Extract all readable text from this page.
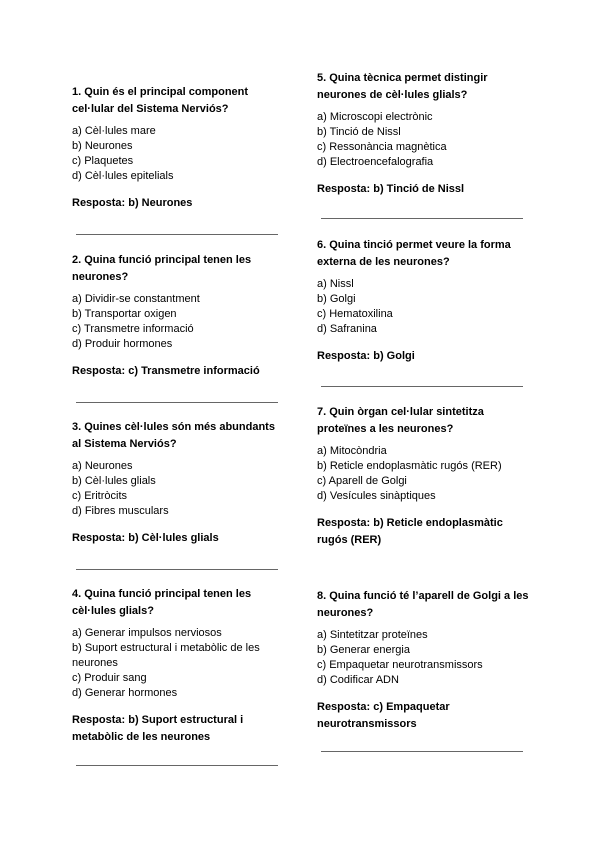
1. Quin és el principal component cel·lular del Sistema Nerviós?
a) Cèl·lules mare
b) Neurones
c) Plaquetes
d) Cèl·lules epitelials
Resposta: b) Neurones
2. Quina funció principal tenen les neurones?
a) Dividir-se constantment
b) Transportar oxigen
c) Transmetre informació
d) Produir hormones
Resposta: c) Transmetre informació
3. Quines cèl·lules són més abundants al Sistema Nerviós?
a) Neurones
b) Cèl·lules glials
c) Eritròcits
d) Fibres musculars
Resposta: b) Cèl·lules glials
4. Quina funció principal tenen les cèl·lules glials?
a) Generar impulsos nerviosos
b) Suport estructural i metabòlic de les neurones
c) Produir sang
d) Generar hormones
Resposta: b) Suport estructural i metabòlic de les neurones
5. Quina tècnica permet distingir neurones de cèl·lules glials?
a) Microscopi electrònic
b) Tinció de Nissl
c) Ressonància magnètica
d) Electroencefalografia
Resposta: b) Tinció de Nissl
6. Quina tinció permet veure la forma externa de les neurones?
a) Nissl
b) Golgi
c) Hematoxilina
d) Safranina
Resposta: b) Golgi
7. Quin òrgan cel·lular sintetitza proteïnes a les neurones?
a) Mitocòndria
b) Reticle endoplasmàtic rugós (RER)
c) Aparell de Golgi
d) Vesícules sinàptiques
Resposta: b) Reticle endoplasmàtic rugós (RER)
8. Quina funció té l’aparell de Golgi a les neurones?
a) Sintetitzar proteïnes
b) Generar energia
c) Empaquetar neurotransmissors
d) Codificar ADN
Resposta: c) Empaquetar neurotransmissors
